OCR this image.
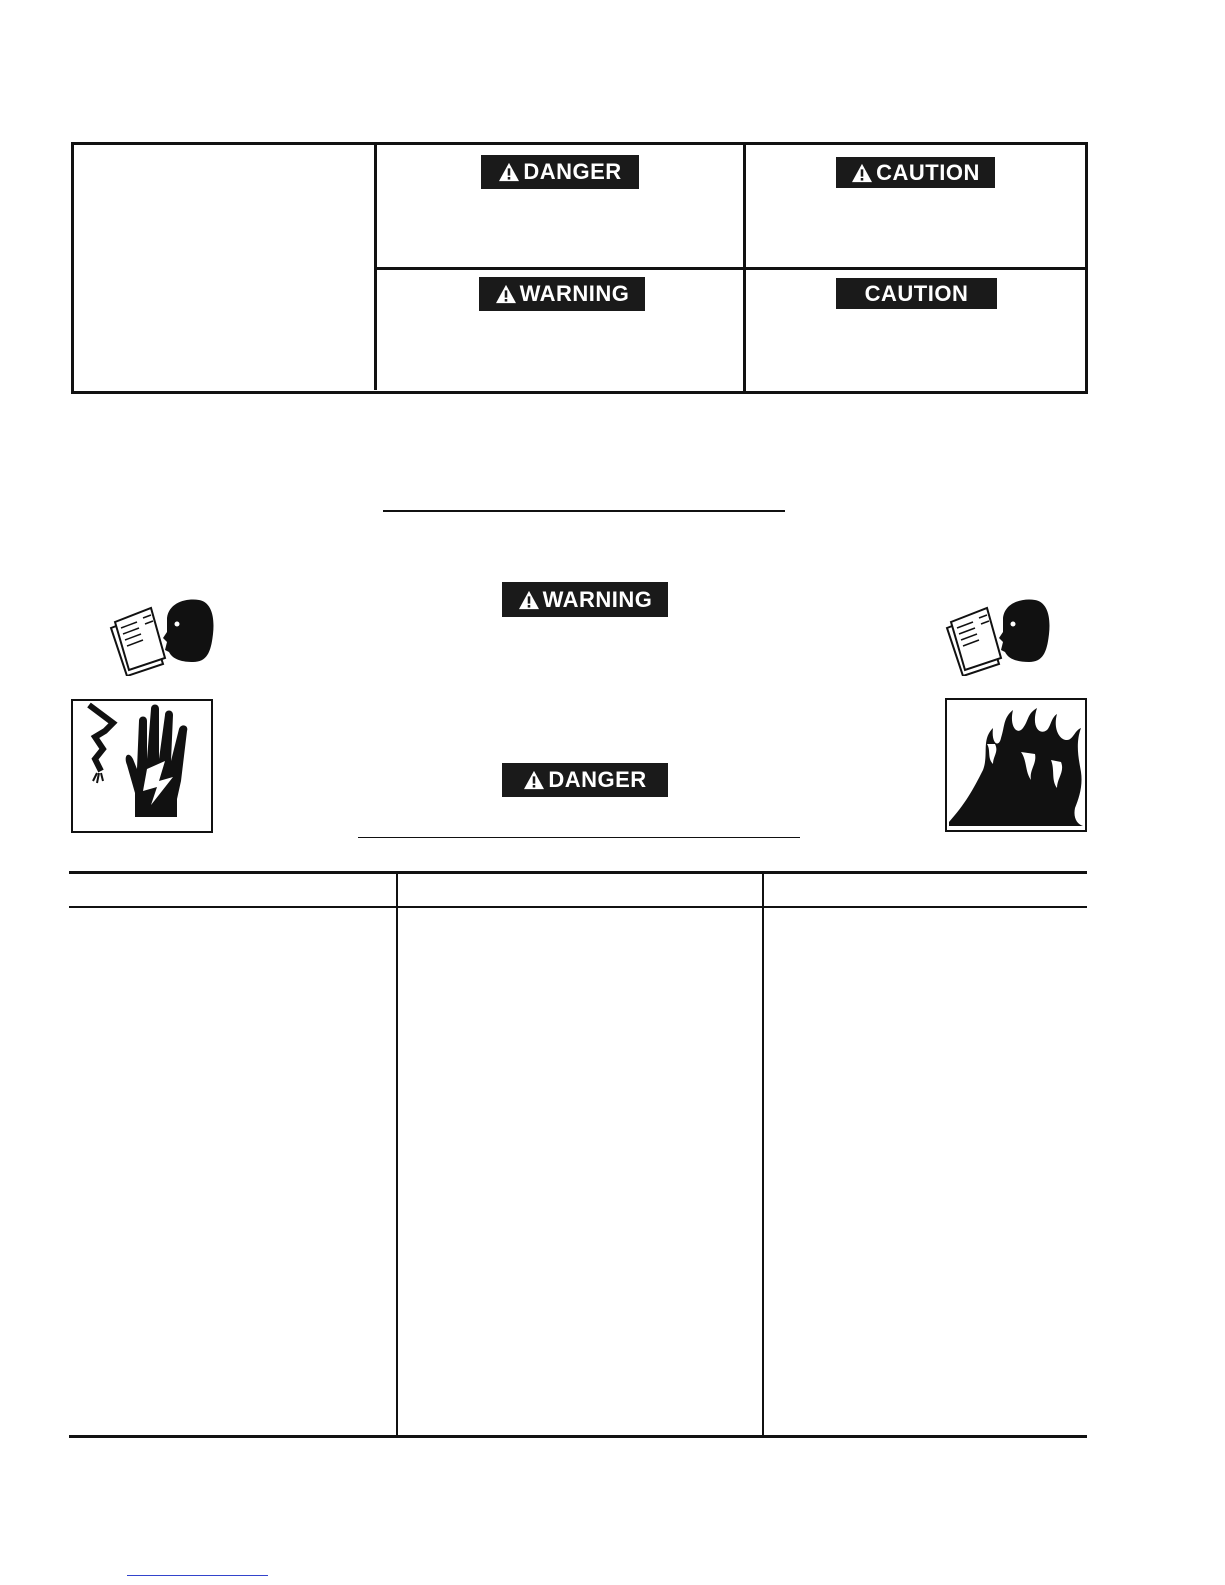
DANGER	CAUTION
WARNING	CAUTION
WARNING
DANGER
